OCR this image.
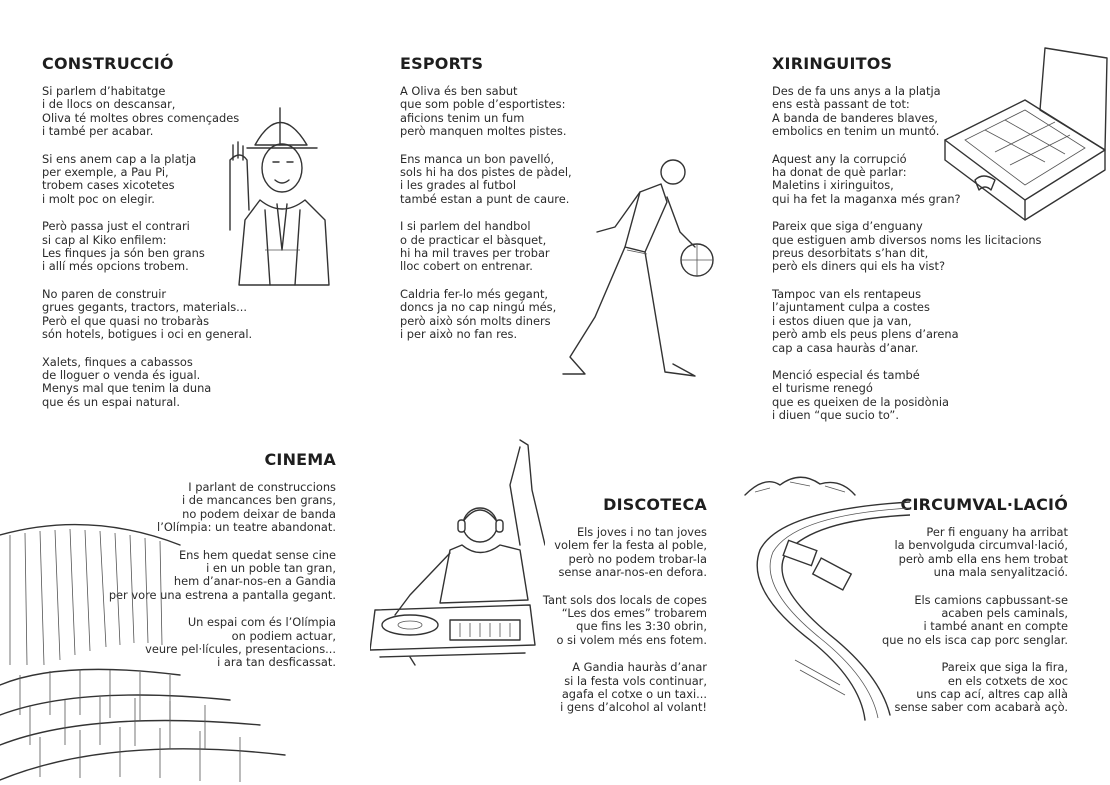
CONSTRUCCIÓ
Si parlem d’habitatge
i de llocs on descansar,
Oliva té moltes obres començades
i també per acabar.
Si ens anem cap a la platja
per exemple, a Pau Pi,
trobem cases xicotetes
i molt poc on elegir.
Però passa just el contrari
si cap al Kiko enfilem:
Les finques ja són ben grans
i allí més opcions trobem.
No paren de construir
grues gegants, tractors, materials...
Però el que quasi no trobaràs
són hotels, botigues i oci en general.
Xalets, finques a cabassos
de lloguer o venda és igual.
Menys mal que tenim la duna
que és un espai natural.
ESPORTS
A Oliva és ben sabut
que som poble d’esportistes:
aficions tenim un fum
però manquen moltes pistes.
Ens manca un bon pavelló,
sols hi ha dos pistes de pàdel,
i les grades al futbol
també estan a punt de caure.
I si parlem del handbol
o de practicar el bàsquet,
hi ha mil traves per trobar
lloc cobert on entrenar.
Caldria fer-lo més gegant,
doncs ja no cap ningú més,
però això són molts diners
i per això no fan res.
XIRINGUITOS
Des de fa uns anys a la platja
ens està passant de tot:
A banda de banderes blaves,
embolics en tenim un muntó.
Aquest any la corrupció
ha donat de què parlar:
Maletins i xiringuitos,
qui ha fet la maganxa més gran?
Pareix que siga d’enguany
que estiguen amb diversos noms les licitacions
preus desorbitats s’han dit,
però els diners qui els ha vist?
Tampoc van els rentapeus
l’ajuntament culpa a costes
i estos diuen que ja van,
però amb els peus plens d’arena
cap a casa hauràs d’anar.
Menció especial és també
el turisme renegó
que es queixen de la posidònia
i diuen “que sucio to”.
CINEMA
I parlant de construccions
i de mancances ben grans,
no podem deixar de banda
l’Olímpia: un teatre abandonat.
Ens hem quedat sense cine
i en un poble tan gran,
hem d’anar-nos-en a Gandia
per vore una estrena a pantalla gegant.
Un espai com és l’Olímpia
on podiem actuar,
veure pel·lícules, presentacions...
i ara tan desficassat.
DISCOTECA
Els joves i no tan joves
volem fer la festa al poble,
però no podem trobar-la
sense anar-nos-en defora.
Tant sols dos locals de copes
“Les dos emes” trobarem
que fins les 3:30 obrin,
o si volem més ens fotem.
A Gandia hauràs d’anar
si la festa vols continuar,
agafa el cotxe o un taxi...
i gens d’alcohol al volant!
CIRCUMVAL·LACIÓ
Per fi enguany ha arribat
la benvolguda circumval·lació,
però amb ella ens hem trobat
una mala senyalització.
Els camions capbussant-se
acaben pels caminals,
i també anant en compte
que no els isca cap porc senglar.
Pareix que siga la fira,
en els cotxets de xoc
uns cap ací, altres cap allà
sense saber com acabarà açò.
